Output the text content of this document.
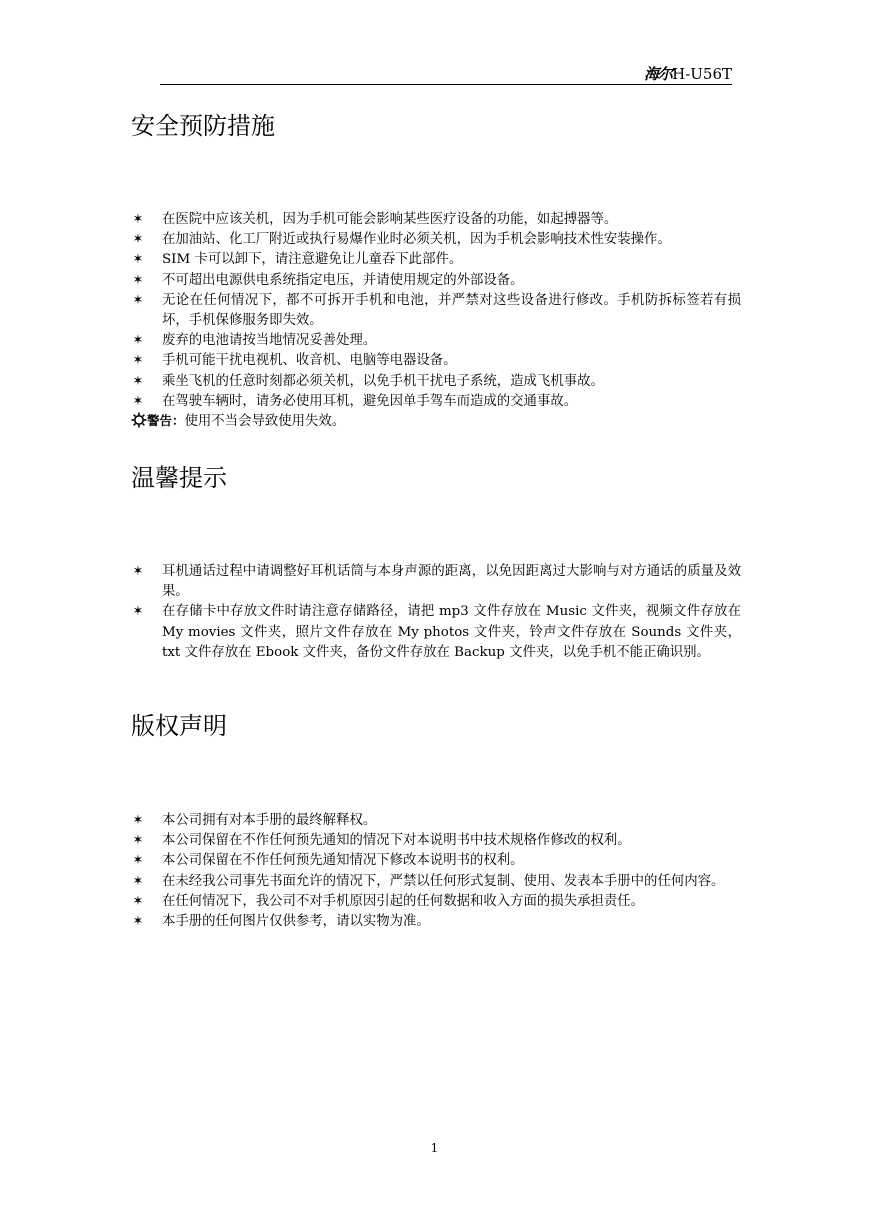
海尔H-U56T
安全预防措施
✶ 在医院中应该关机，因为手机可能会影响某些医疗设备的功能，如起搏器等。
✶ 在加油站、化工厂附近或执行易爆作业时必须关机，因为手机会影响技术性安装操作。
✶ SIM 卡可以卸下，请注意避免让儿童吞下此部件。
✶ 不可超出电源供电系统指定电压，并请使用规定的外部设备。
✶ 无论在任何情况下，都不可拆开手机和电池，并严禁对这些设备进行修改。手机防拆标签若有损坏，手机保修服务即失效。
✶ 废弃的电池请按当地情况妥善处理。
✶ 手机可能干扰电视机、收音机、电脑等电器设备。
✶ 乘坐飞机的任意时刻都必须关机，以免手机干扰电子系统，造成飞机事故。
✶ 在驾驶车辆时，请务必使用耳机，避免因单手驾车而造成的交通事故。
警告：使用不当会导致使用失效。
温馨提示
✶ 耳机通话过程中请调整好耳机话筒与本身声源的距离，以免因距离过大影响与对方通话的质量及效果。
✶ 在存储卡中存放文件时请注意存储路径，请把 mp3 文件存放在 Music 文件夹，视频文件存放在 My movies 文件夹，照片文件存放在 My photos 文件夹，铃声文件存放在 Sounds 文件夹，txt 文件存放在 Ebook 文件夹，备份文件存放在 Backup 文件夹，以免手机不能正确识别。
版权声明
✶ 本公司拥有对本手册的最终解释权。
✶ 本公司保留在不作任何预先通知的情况下对本说明书中技术规格作修改的权利。
✶ 本公司保留在不作任何预先通知情况下修改本说明书的权利。
✶ 在未经我公司事先书面允许的情况下，严禁以任何形式复制、使用、发表本手册中的任何内容。
✶ 在任何情况下，我公司不对手机原因引起的任何数据和收入方面的损失承担责任。
✶ 本手册的任何图片仅供参考，请以实物为准。
1
